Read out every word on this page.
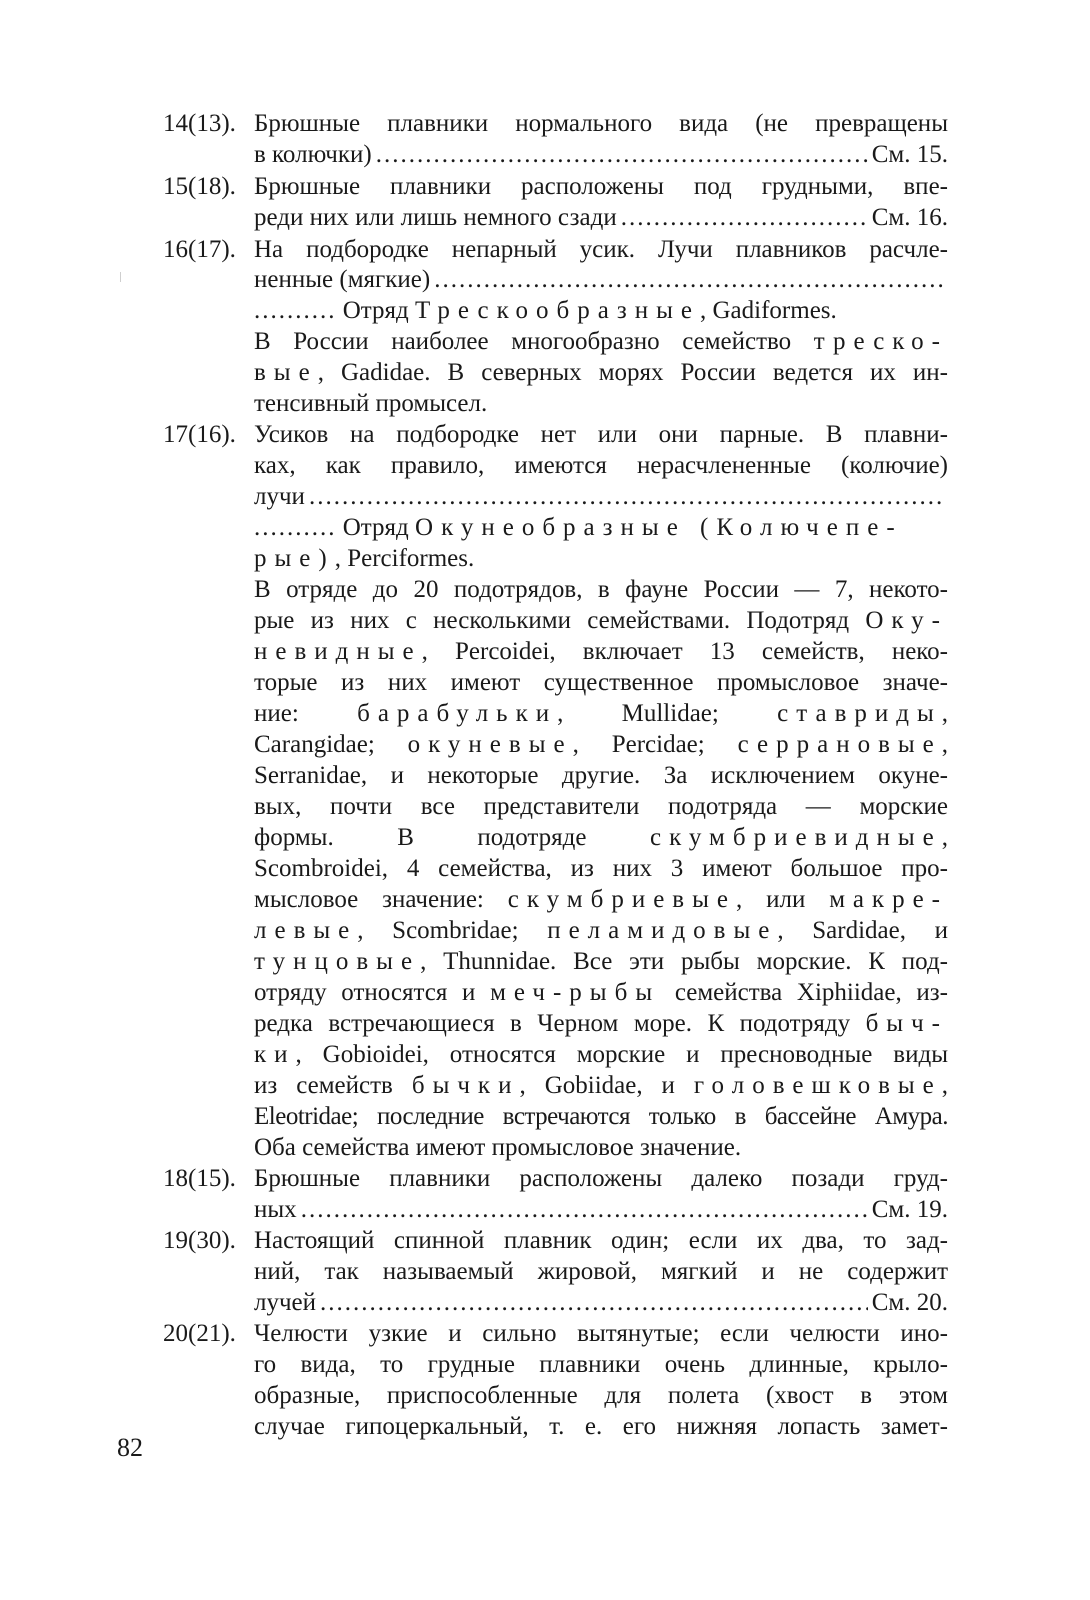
14(13). Брюшные плавники нормального вида (не превращены
в колючки) .....	См. 15.
15(18). Брюшные плавники расположены под грудными, впе-
реди них или лишь немного сзади .....	См. 16.
16(17). На подбородке непарный усик. Лучи плавников расчле-
ненные (мягкие)
.....
.......... Отряд Трескообразные, Gadiformes.
В России наиболее многообразно семейство треско-
вые, Gadidae. В северных морях России ведется их ин-
тенсивный промысел.
17(16). Усиков на подбородке нет или они парные. В плавни-
ках, как правило, имеются нерасчлененные (колючие)
лучи
.....
.......... Отряд Окунеобразные (Колючепе-
рые), Perciformes.
В отряде до 20 подотрядов, в фауне России — 7, некото-
рые из них с несколькими семействами. Подотряд Оку-
невидные, Percoidei, включает 13 семейств, неко-
торые из них имеют существенное промысловое значе-
ние: барабульки, Mullidae; ставриды,
Carangidae; окуневые, Percidae; серрановые,
Serranidae, и некоторые другие. За исключением окуне-
вых, почти все представители подотряда — морские
формы. В подотряде	скумбриевидные,
Scombroidei, 4 семейства, из них 3 имеют большое про-
мысловое значение: скумбриевые, или макре-
левые, Scombridae; пеламидовые, Sardidae, и
тунцовые, Thunnidae. Все эти рыбы морские. К под-
отряду относятся и меч-рыбы семейства Xiphiidae, из-
редка встречающиеся в Черном море. К подотряду быч-
ки, Gobioidei, относятся морские и пресноводные виды
из семейств бычки, Gobiidae, и головешковые,
Eleotridae; последние встречаются только в бассейне Амура.
Оба семейства имеют промысловое значение.
18(15). Брюшные плавники расположены далеко позади груд-
ных .....	См. 19.
19(30). Настоящий спинной плавник один; если их два, то зад-
ний, так называемый жировой, мягкий и не содержит
лучей .....	См. 20.
20(21). Челюсти узкие и сильно вытянутые; если челюсти ино-
го вида, то грудные плавники очень длинные, крыло-
образные, приспособленные для полета (хвост в этом
случае гипоцеркальный, т. е. его нижняя лопасть замет-
82
